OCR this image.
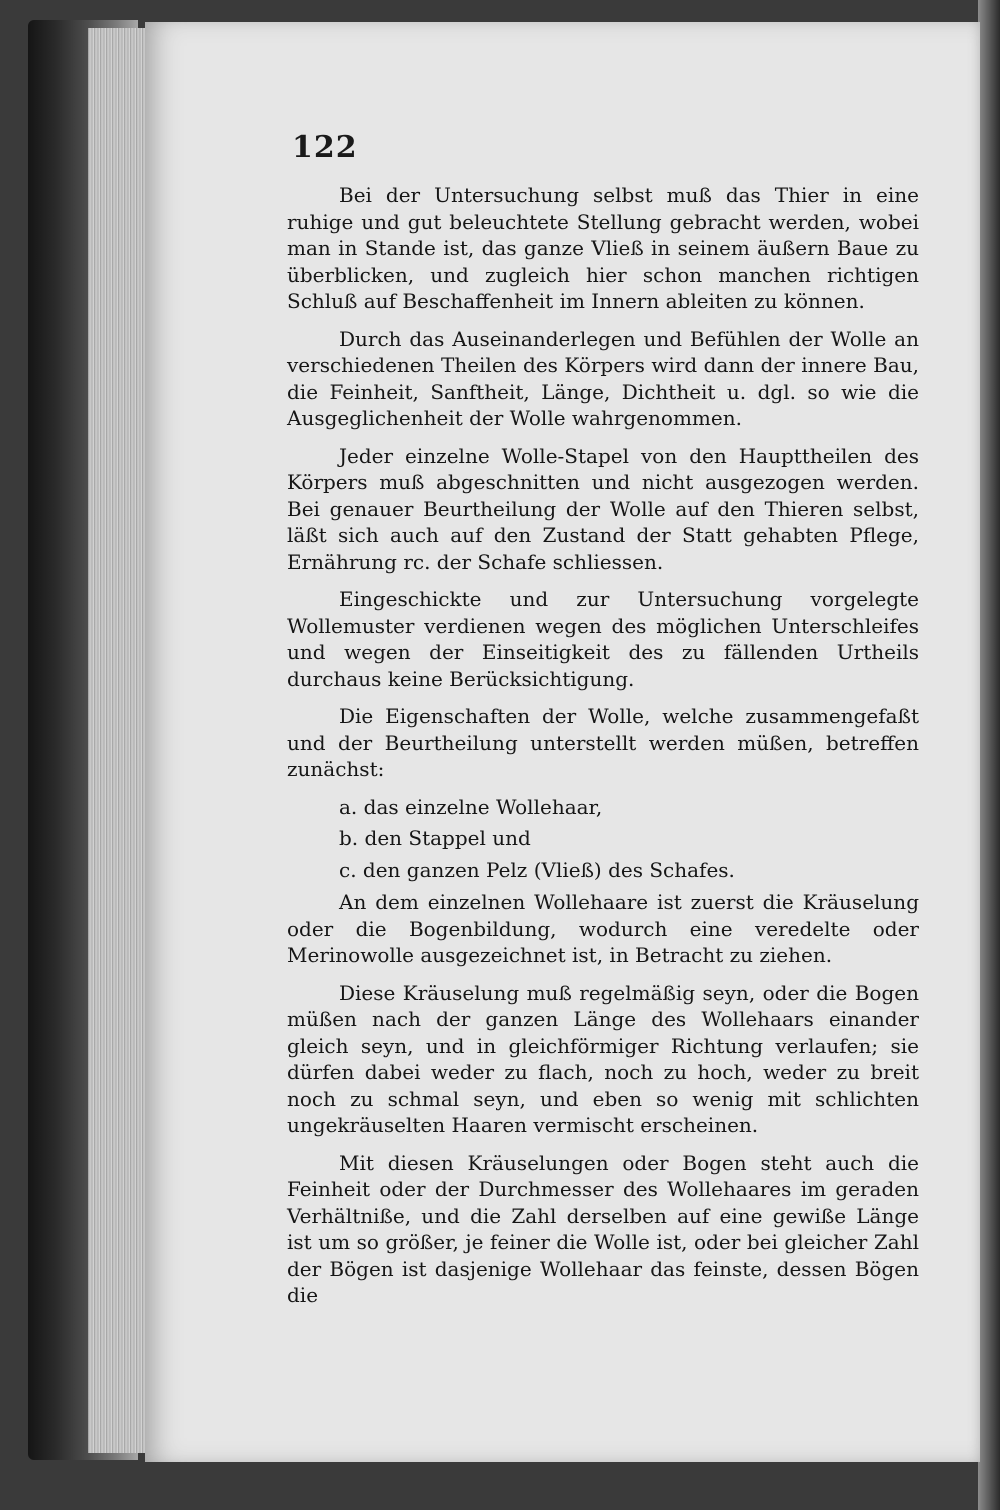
122

Bei der Untersuchung selbst muß das Thier in eine ruhige und gut beleuchtete Stellung gebracht werden, wobei man in Stande ist, das ganze Vließ in seinem äußern Baue zu überblicken, und zugleich hier schon manchen richtigen Schluß auf Beschaffenheit im Innern ableiten zu können.

Durch das Auseinanderlegen und Befühlen der Wolle an verschiedenen Theilen des Körpers wird dann der innere Bau, die Feinheit, Sanftheit, Länge, Dichtheit u. dgl. so wie die Ausgeglichenheit der Wolle wahrgenommen.

Jeder einzelne Wolle-Stapel von den Haupttheilen des Körpers muß abgeschnitten und nicht ausgezogen werden. Bei genauer Beurtheilung der Wolle auf den Thieren selbst, läßt sich auch auf den Zustand der Statt gehabten Pflege, Ernährung rc. der Schafe schliessen.

Eingeschickte und zur Untersuchung vorgelegte Wollemuster verdienen wegen des möglichen Unterschleifes und wegen der Einseitigkeit des zu fällenden Urtheils durchaus keine Berücksichtigung.

Die Eigenschaften der Wolle, welche zusammengefaßt und der Beurtheilung unterstellt werden müßen, betreffen zunächst:

a. das einzelne Wollehaar,
b. den Stappel und
c. den ganzen Pelz (Vließ) des Schafes.

An dem einzelnen Wollehaare ist zuerst die Kräuselung oder die Bogenbildung, wodurch eine veredelte oder Merinowolle ausgezeichnet ist, in Betracht zu ziehen.

Diese Kräuselung muß regelmäßig seyn, oder die Bogen müßen nach der ganzen Länge des Wollehaars einander gleich seyn, und in gleichförmiger Richtung verlaufen; sie dürfen dabei weder zu flach, noch zu hoch, weder zu breit noch zu schmal seyn, und eben so wenig mit schlichten ungekräuselten Haaren vermischt erscheinen.

Mit diesen Kräuselungen oder Bogen steht auch die Feinheit oder der Durchmesser des Wollehaares im geraden Verhältniße, und die Zahl derselben auf eine gewiße Länge ist um so größer, je feiner die Wolle ist, oder bei gleicher Zahl der Bögen ist dasjenige Wollehaar das feinste, dessen Bögen die
